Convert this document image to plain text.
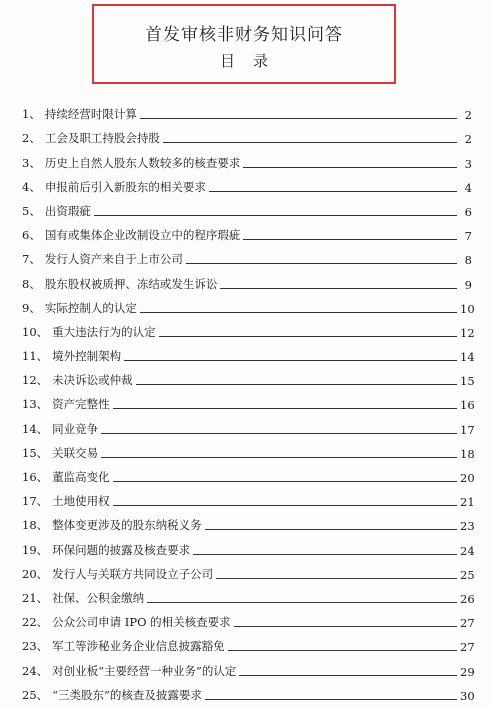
首发审核非财务知识问答
目录
1、 持续经营时限计算	2
2、 工会及职工持股会持股	2
3、 历史上自然人股东人数较多的核查要求	3
4、 申报前后引入新股东的相关要求	4
5、 出资瑕疵	6
6、 国有或集体企业改制设立中的程序瑕疵	7
7、 发行人资产来自于上市公司	8
8、 股东股权被质押、冻结或发生诉讼	9
9、 实际控制人的认定	10
10、 重大违法行为的认定	12
11、 境外控制架构	14
12、 未决诉讼或仲裁	15
13、 资产完整性	16
14、 同业竞争	17
15、 关联交易	18
16、 董监高变化	20
17、 土地使用权	21
18、 整体变更涉及的股东纳税义务	23
19、 环保问题的披露及核查要求	24
20、 发行人与关联方共同设立子公司	25
21、 社保、公积金缴纳	26
22、 公众公司申请 IPO 的相关核查要求	27
23、 军工等涉秘业务企业信息披露豁免	27
24、 对创业板“主要经营一种业务”的认定	29
25、 “三类股东”的核查及披露要求	30
